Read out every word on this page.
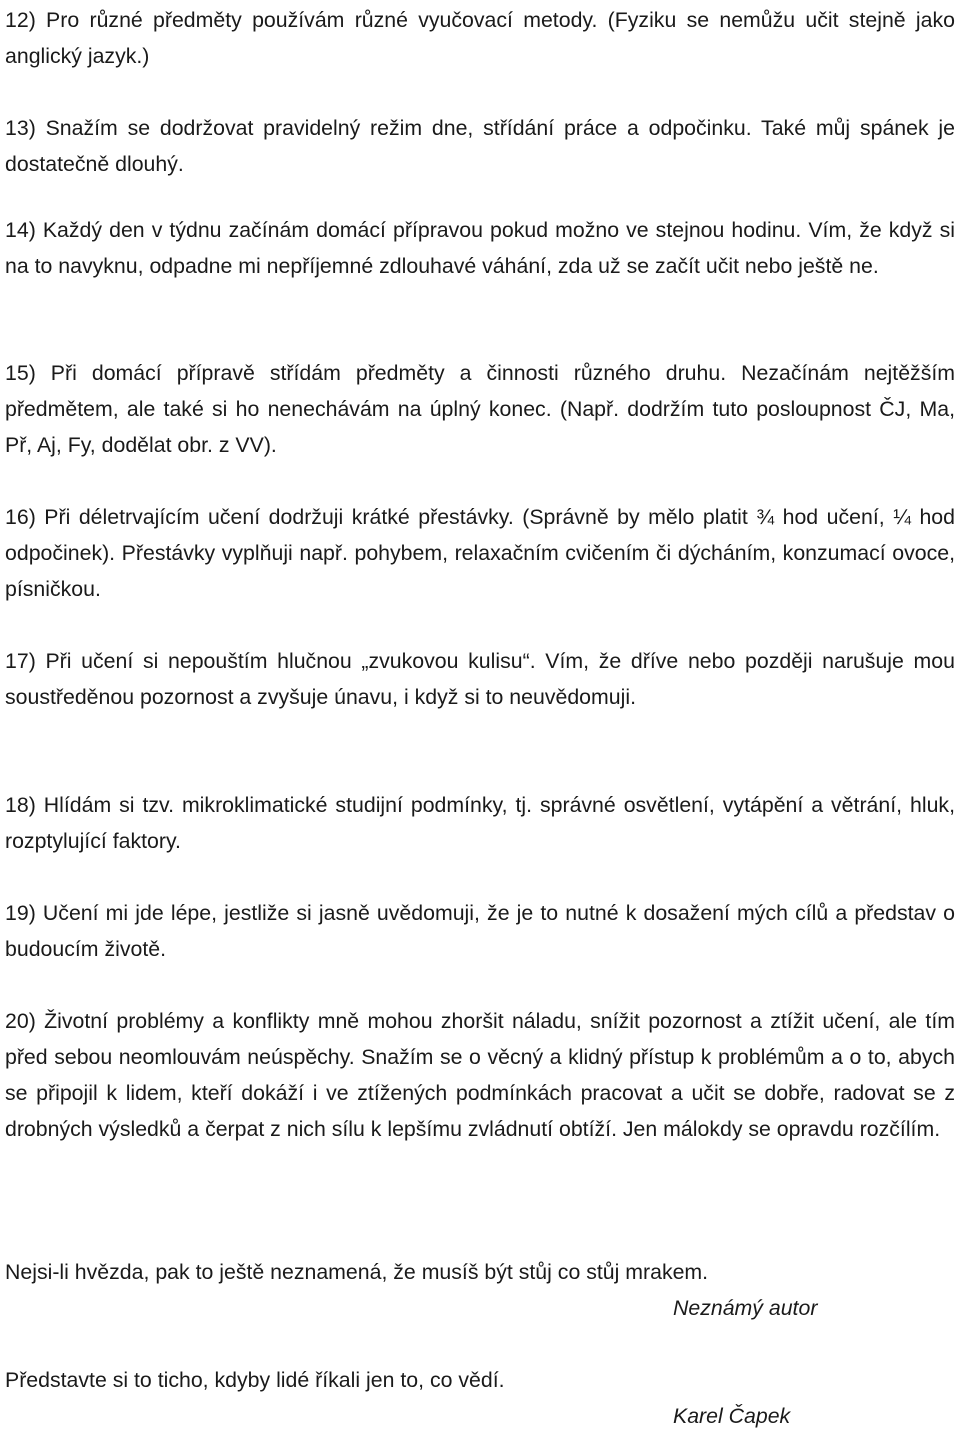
12) Pro různé předměty používám různé vyučovací metody. (Fyziku se nemůžu učit stejně jako anglický jazyk.)

13) Snažím se dodržovat pravidelný režim dne, střídání práce a odpočinku. Také můj spánek je dostatečně dlouhý.

14) Každý den v týdnu začínám domácí přípravou pokud možno ve stejnou hodinu. Vím, že když si na to navyknu, odpadne mi nepříjemné zdlouhavé váhání, zda už se začít učit nebo ještě ne.

15) Při domácí přípravě střídám předměty a činnosti různého druhu. Nezačínám nejtěžším předmětem, ale také si ho nenechávám na úplný konec. (Např. dodržím tuto posloupnost ČJ, Ma, Př, Aj, Fy, dodělat obr. z VV).

16) Při déletrvajícím učení dodržuji krátké přestávky. (Správně by mělo platit ¾ hod učení, ¼ hod odpočinek). Přestávky vyplňuji např. pohybem, relaxačním cvičením či dýcháním, konzumací ovoce, písničkou.

17) Při učení si nepouštím hlučnou „zvukovou kulisu“. Vím, že dříve nebo později narušuje mou soustředěnou pozornost a zvyšuje únavu, i když si to neuvědomuji.

18) Hlídám si tzv. mikroklimatické studijní podmínky, tj. správné osvětlení, vytápění a větrání, hluk, rozptylující faktory.

19) Učení mi jde lépe, jestliže si jasně uvědomuji, že je to nutné k dosažení mých cílů a představ o budoucím životě.

20) Životní problémy a konflikty mně mohou zhoršit náladu, snížit pozornost a ztížit učení, ale tím před sebou neomlouvám neúspěchy. Snažím se o věcný a klidný přístup k problémům a o to, abych se připojil k lidem, kteří dokáží i ve ztížených podmínkách pracovat a učit se dobře, radovat se z drobných výsledků a čerpat z nich sílu k lepšímu zvládnutí obtíží. Jen málokdy se opravdu rozčílím.

Nejsi-li hvězda, pak to ještě neznamená, že musíš být stůj co stůj mrakem.

Neznámý autor

Představte si to ticho, kdyby lidé říkali jen to, co vědí.

Karel Čapek
